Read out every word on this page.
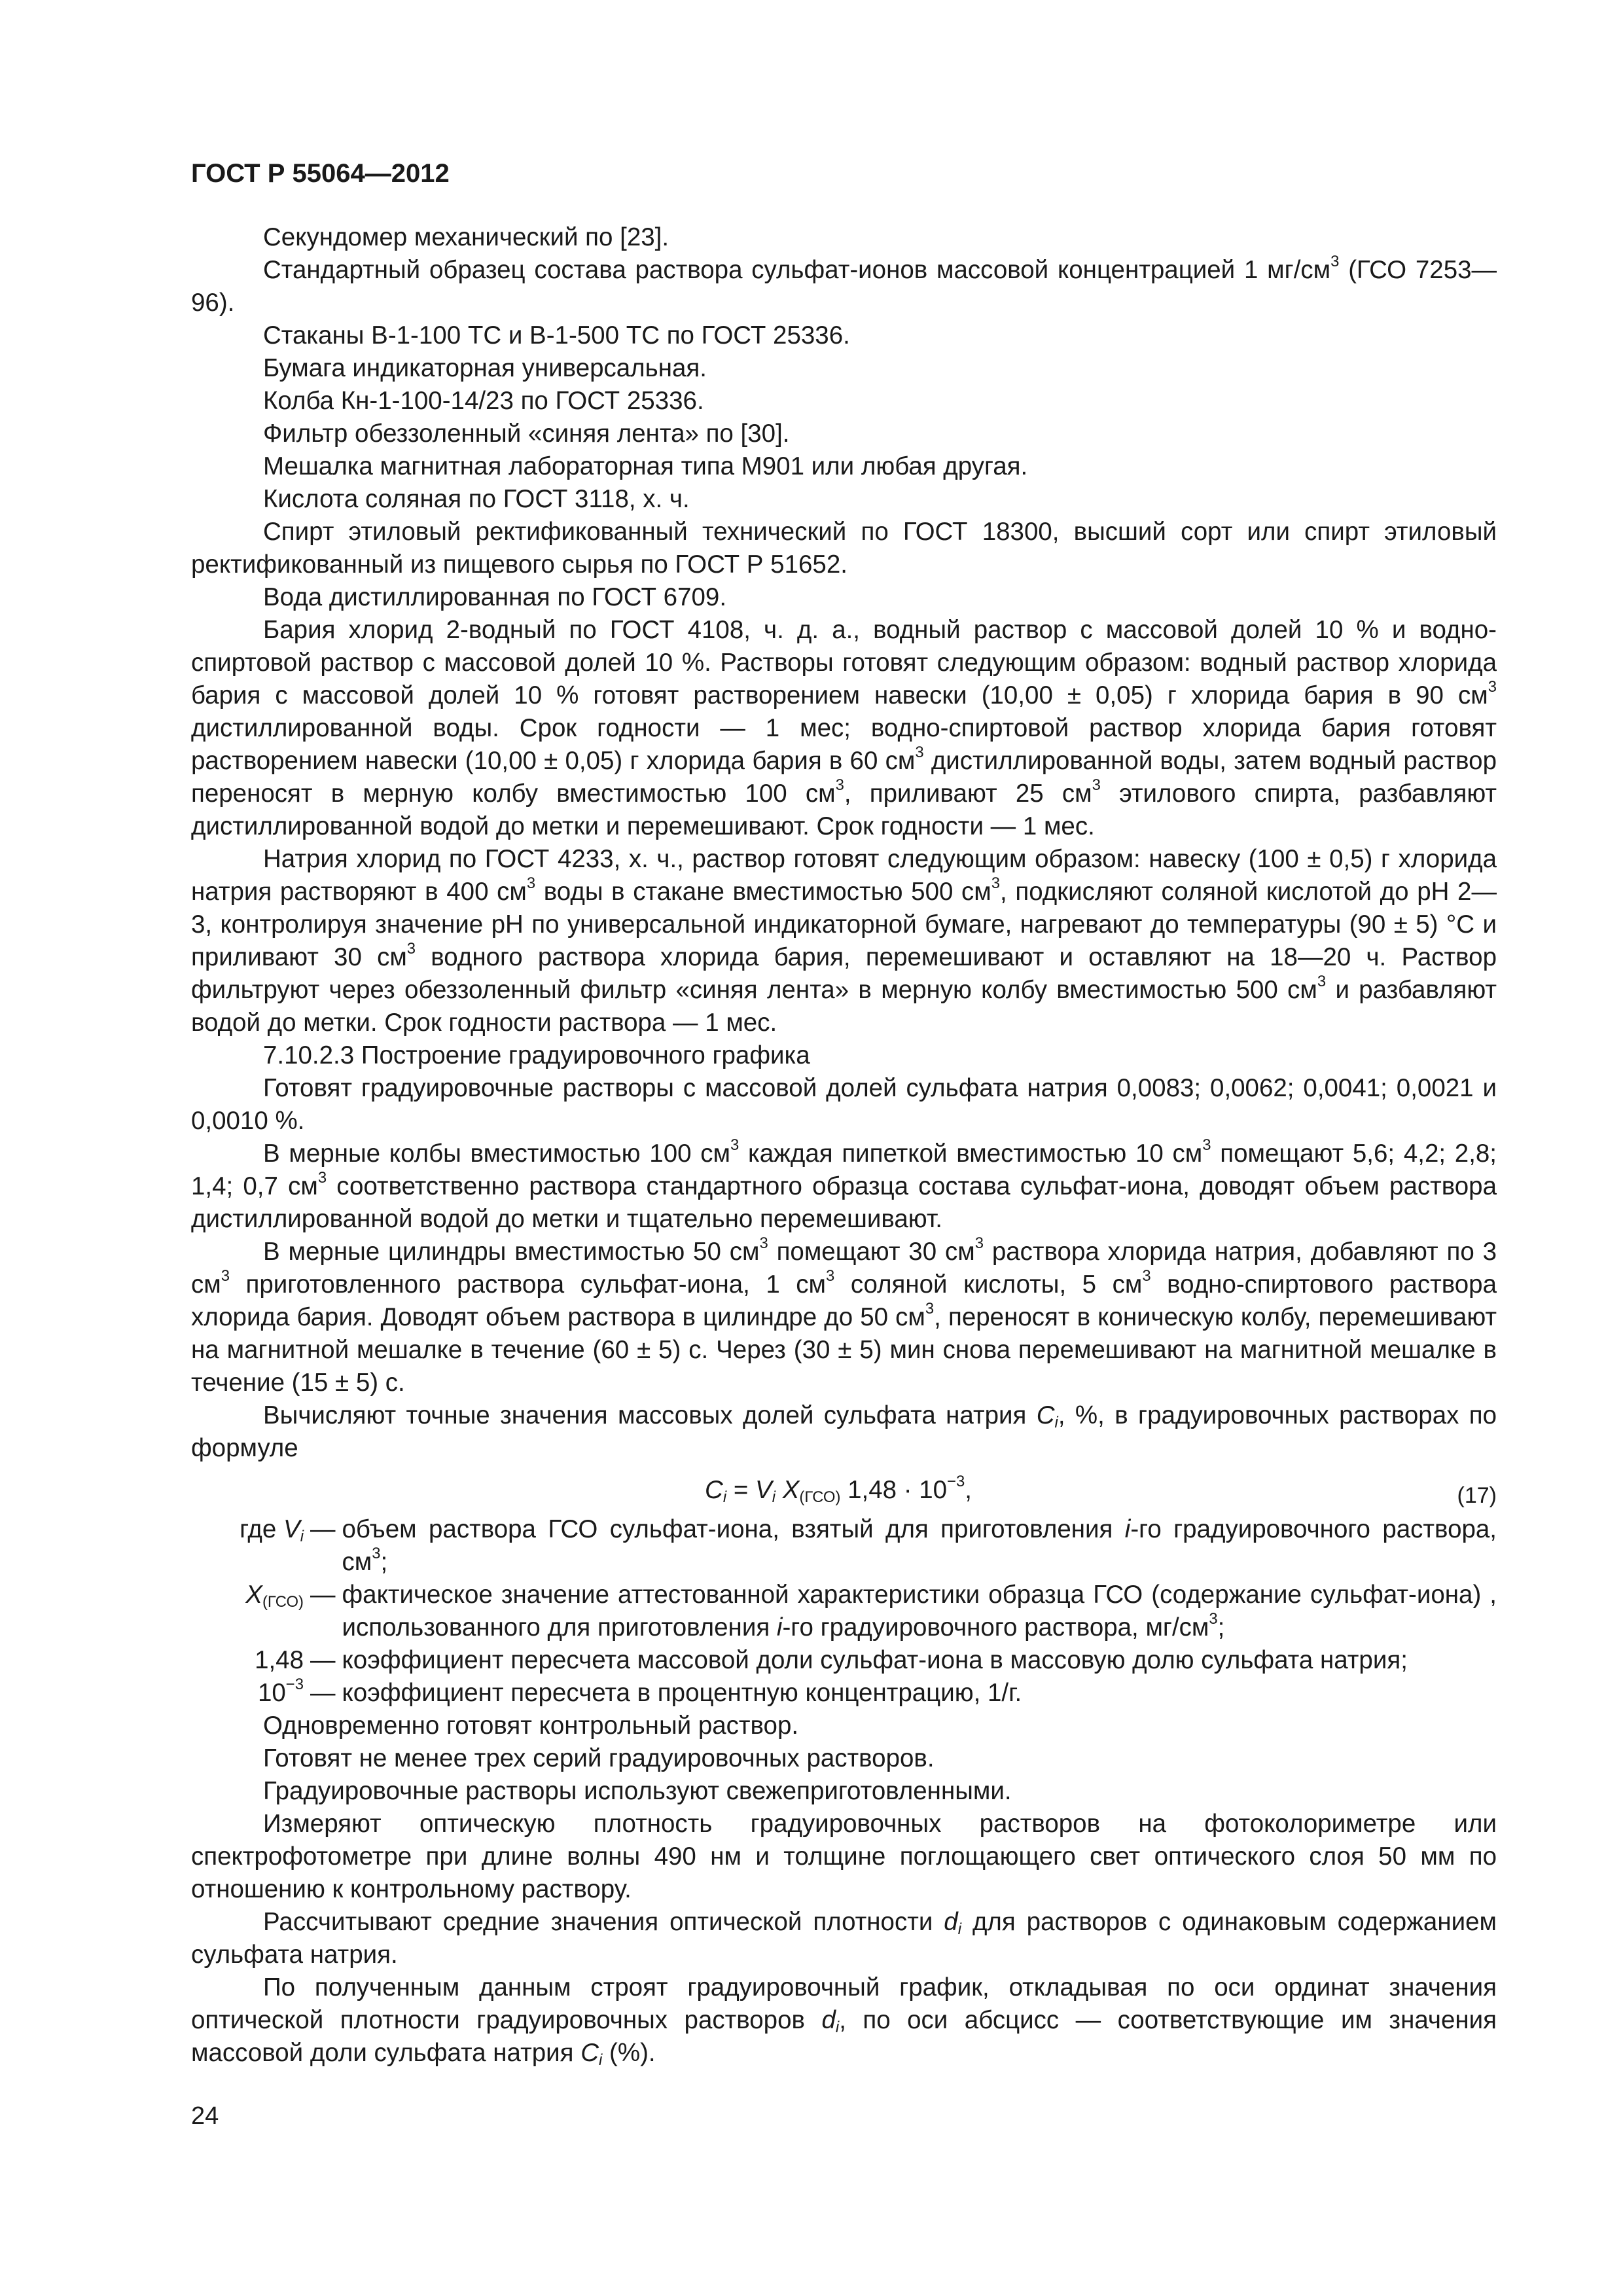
ГОСТ Р 55064—2012

Секундомер механический по [23].

Стандартный образец состава раствора сульфат-ионов массовой концентрацией 1 $мг/см^3$ (ГСО 7253—96).

Стаканы В-1-100 ТС и В-1-500 ТС по ГОСТ 25336.

Бумага индикаторная универсальная.

Колба Кн-1-100-14/23 по ГОСТ 25336.

Фильтр обеззоленный «синяя лента» по [30].

Мешалка магнитная лабораторная типа М901 или любая другая.

Кислота соляная по ГОСТ 3118, х. ч.

Спирт этиловый ректификованный технический по ГОСТ 18300, высший сорт или спирт этиловый ректификованный из пищевого сырья по ГОСТ Р 51652.

Вода дистиллированная по ГОСТ 6709.

Бария хлорид 2-водный по ГОСТ 4108, ч. д. а., водный раствор с массовой долей 10 % и водно-спиртовой раствор с массовой долей 10 %. Растворы готовят следующим образом: водный раствор хлорида бария с массовой долей 10 % готовят растворением навески (10,00 ± 0,05) г хлорида бария в 90 $см^3$ дистиллированной воды. Срок годности — 1 мес; водно-спиртовой раствор хлорида бария готовят растворением навески (10,00 ± 0,05) г хлорида бария в 60 $см^3$ дистиллированной воды, затем водный раствор переносят в мерную колбу вместимостью 100 $см^3$, приливают 25 $см^3$ этилового спирта, разбавляют дистиллированной водой до метки и перемешивают. Срок годности — 1 мес.

Натрия хлорид по ГОСТ 4233, х. ч., раствор готовят следующим образом: навеску (100 ± 0,5) г хлорида натрия растворяют в 400 $см^3$ воды в стакане вместимостью 500 $см^3$, подкисляют соляной кислотой до pH 2—3, контролируя значение pH по универсальной индикаторной бумаге, нагревают до температуры (90 ± 5) °С и приливают 30 $см^3$ водного раствора хлорида бария, перемешивают и оставляют на 18—20 ч. Раствор фильтруют через обеззоленный фильтр «синяя лента» в мерную колбу вместимостью 500 $см^3$ и разбавляют водой до метки. Срок годности раствора — 1 мес.

7.10.2.3 Построение градуировочного графика

Готовят градуировочные растворы с массовой долей сульфата натрия 0,0083; 0,0062; 0,0041; 0,0021 и 0,0010 %.

В мерные колбы вместимостью 100 $см^3$ каждая пипеткой вместимостью 10 $см^3$ помещают 5,6; 4,2; 2,8; 1,4; 0,7 $см^3$ соответственно раствора стандартного образца состава сульфат-иона, доводят объем раствора дистиллированной водой до метки и тщательно перемешивают.

В мерные цилиндры вместимостью 50 $см^3$ помещают 30 $см^3$ раствора хлорида натрия, добавляют по 3 $см^3$ приготовленного раствора сульфат-иона, 1 $см^3$ соляной кислоты, 5 $см^3$ водно-спиртового раствора хлорида бария. Доводят объем раствора в цилиндре до 50 $см^3$, переносят в коническую колбу, перемешивают на магнитной мешалке в течение (60 ± 5) с. Через (30 ± 5) мин снова перемешивают на магнитной мешалке в течение (15 ± 5) с.

Вычисляют точные значения массовых долей сульфата натрия $C_i$, %, в градуировочных растворах по формуле

$C_i = V_i$ $X_{(ГСО)}$ $1,48 \cdot 10^{-3}$,	(17)
где $V_i$ — объем раствора ГСО сульфат-иона, взятый для приготовления i-го градуировочного раствора, $см^3$;
$X_{(ГСО)}$ — фактическое значение аттестованной характеристики образца ГСО (содержание сульфат-иона) , использованного для приготовления i-го градуировочного раствора, $мг/см^3$;
1,48 — коэффициент пересчета массовой доли сульфат-иона в массовую долю сульфата натрия;
$10^{-3}$ — коэффициент пересчета в процентную концентрацию, 1/г.

Одновременно готовят контрольный раствор.

Готовят не менее трех серий градуировочных растворов.

Градуировочные растворы используют свежеприготовленными.

Измеряют оптическую плотность градуировочных растворов на фотоколориметре или спектрофотометре при длине волны 490 нм и толщине поглощающего свет оптического слоя 50 мм по отношению к контрольному раствору.

Рассчитывают средние значения оптической плотности $d_i$ для растворов с одинаковым содержанием сульфата натрия.

По полученным данным строят градуировочный график, откладывая по оси ординат значения оптической плотности градуировочных растворов $d_i$, по оси абсцисс — соответствующие им значения массовой доли сульфата натрия $C_i$ (%).

24
